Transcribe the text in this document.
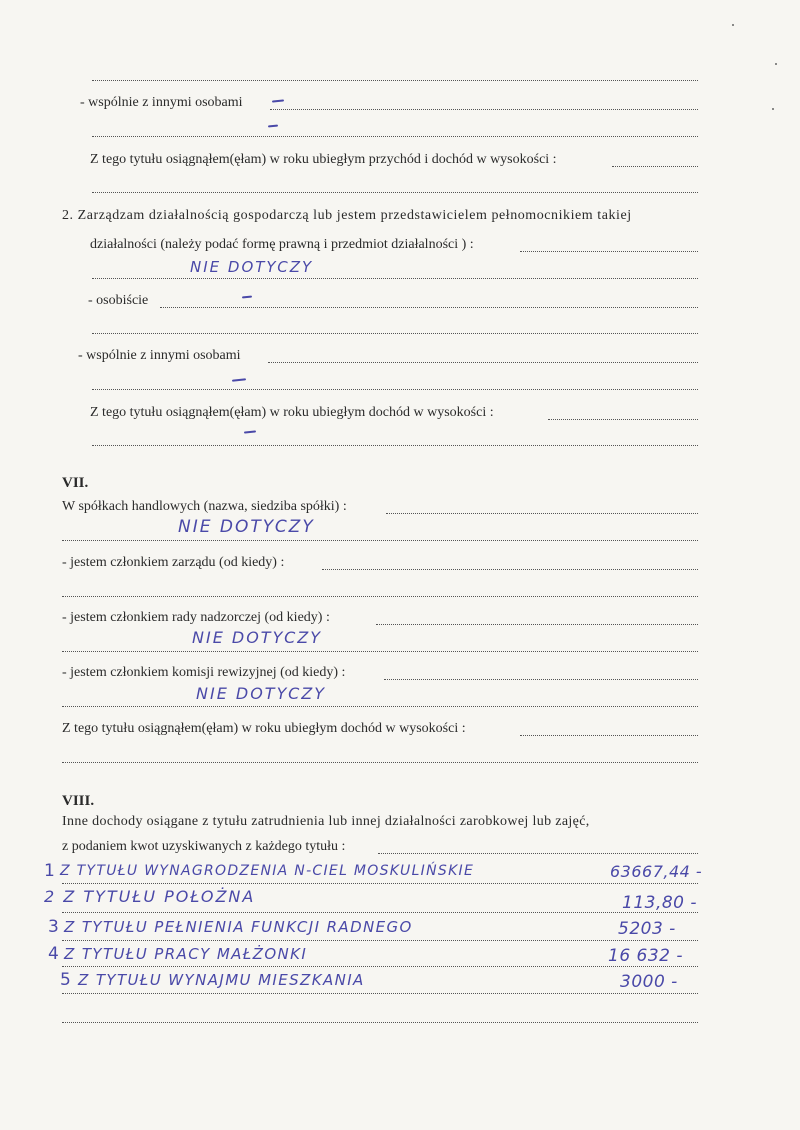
- wspólnie z innymi osobami
Z tego tytułu osiągnąłem(ęłam) w roku ubiegłym przychód i dochód w wysokości :
2. Zarządzam działalnością gospodarczą lub jestem przedstawicielem pełnomocnikiem takiej
działalności (należy podać formę prawną i przedmiot działalności ) :
NIE DOTYCZY
- osobiście
- wspólnie z innymi osobami
Z tego tytułu osiągnąłem(ęłam) w roku ubiegłym dochód w wysokości :
VII.
W spółkach handlowych (nazwa, siedziba spółki) :
NIE DOTYCZY
- jestem członkiem zarządu (od kiedy) :
- jestem członkiem rady nadzorczej (od kiedy) :
NIE DOTYCZY
- jestem członkiem komisji rewizyjnej (od kiedy) :
NIE DOTYCZY
Z tego tytułu osiągnąłem(ęłam) w roku ubiegłym dochód w wysokości :
VIII.
Inne dochody osiągane z tytułu zatrudnienia lub innej działalności zarobkowej lub zajęć,
z podaniem kwot uzyskiwanych z każdego tytułu :
1 Z TYTUŁU WYNAGRODZENIA N-CIEL MOSKULIŃSKIE	63667,44 -
2 Z TYTUŁU POŁOŻNA	113,80 -
3 Z TYTUŁU PEŁNIENIA FUNKCJI RADNEGO	5203 -
4 Z TYTUŁU PRACY MAŁŻONKI	16 632 -
5 Z TYTUŁU WYNAJMU MIESZKANIA	3000 -
